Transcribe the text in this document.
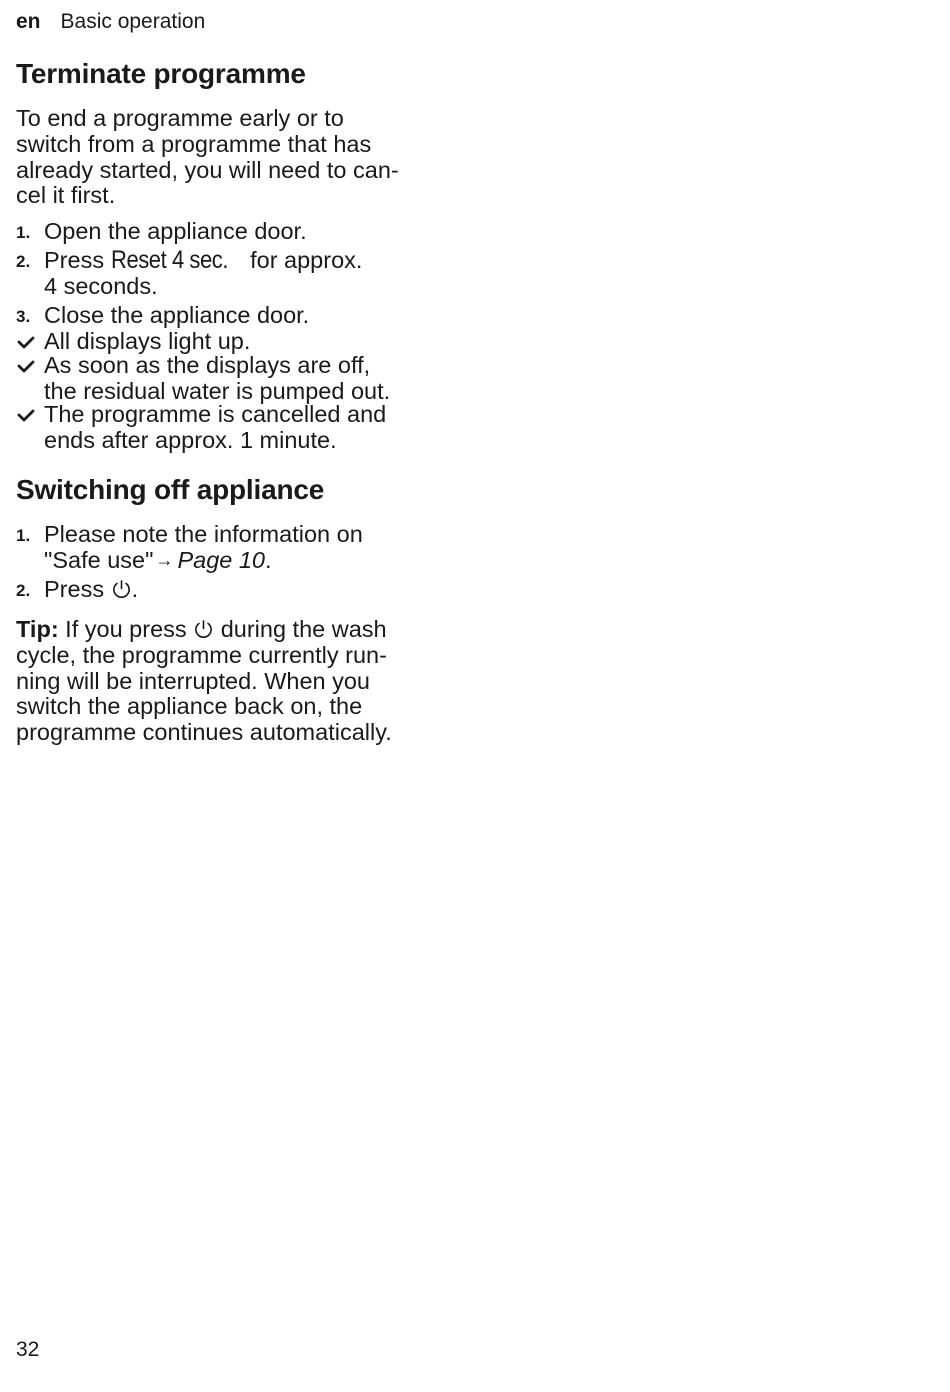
en Basic operation
Terminate programme
To end a programme early or to
switch from a programme that has
already started, you will need to can-
cel it first.
1. Open the appliance door.
2. Press Reset 4 sec. for approx.
4 seconds.
3. Close the appliance door.
All displays light up.
As soon as the displays are off,
the residual water is pumped out.
The programme is cancelled and
ends after approx. 1 minute.
Switching off appliance
1. Please note the information on
"Safe use" → Page 10.
2. Press .
Tip: If you press  during the wash
cycle, the programme currently run-
ning will be interrupted. When you
switch the appliance back on, the
programme continues automatically.
32
